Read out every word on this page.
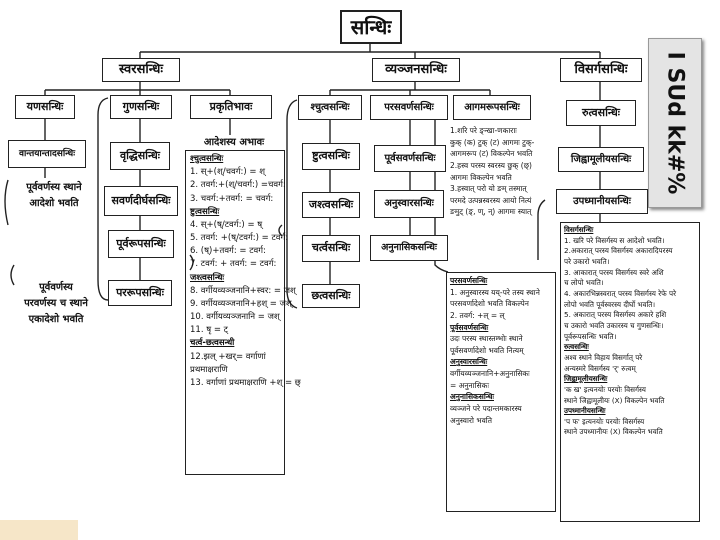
सन्धिः
स्वरसन्धिः	व्यञ्जनसन्धिः	विसर्गसन्धिः
यणसन्धिः	गुणसन्धिः	प्रकृतिभावः
वान्तयान्तादसन्धिः
पूर्ववर्णस्य स्थाने
आदेशो भवति
पूर्ववर्णस्य
परवर्णस्य च स्थाने
एकादेशो भवति
वृद्धिसन्धिः
सवर्णदीर्घसन्धिः
पूर्वरूपसन्धिः
पररूपसन्धिः
आदेशस्य अभावः
श्चुत्वसन्धिः
1. स्+(श्/चवर्ग:) = श्
2. तवर्ग:+(श्/चवर्ग:) =चवर्ग:
3. चवर्ग:+तवर्ग: = चवर्ग:
ष्टुत्वसन्धिः
4. स्+(ष्/टवर्ग:) = ष्
5. तवर्ग: +(ष्/टवर्ग:) = टवर्ग:
6. (ष्)+तवर्ग: = टवर्ग:
7. टवर्ग: + तवर्ग: = टवर्ग:
जश्त्वसन्धिः
8. वर्गीयव्यञ्जनानि+स्वर: = जश्
9. वर्गीयव्यञ्जनानि+हश् = जश्
10. वर्गीयव्यञ्जनानि = जश्
11. षृ = ट्
चर्त्व-छत्वसन्धी
12.झल् +खर्= वर्गाणां
प्रथमाक्षराणि
13. वर्गाणां प्रथमाक्षराणि +श् = छ्
श्चुत्वसन्धिः	परसवर्णसन्धिः	आगमरूपसन्धिः
ष्टुत्वसन्धिः
जश्त्वसन्धिः
चर्त्वसन्धिः
छत्वसन्धिः
पूर्वसवर्णसन्धिः
अनुस्वारसन्धिः
अनुनासिकसन्धिः
1.शरि परे ङ्न्खा-णकाराः
कुक् (क) टुक् (ट) आगमः टुक्-
आगमरूप (ट) विकल्पेन भवति
2.हस्व परस्य स्वरस्य छुक् (छ्)
आगमः विकल्पेन भवति
3.हस्वात् परो यो ङम् तस्मात्
परमदे उत्पन्नस्वरस्य आयो नित्यं
ङमुट् (ङ्, ण्, न्) आगमः स्यात्
परसवर्णसन्धिः
1. अनुस्वारस्य यय्-परे तस्य स्थाने
परसवर्णादेशो भवति विकल्पेन
2. तवर्ग: +ल् = ल्
पूर्वसवर्णसन्धिः
उदः परस्य स्थास्तम्भोः स्थाने
पूर्वसवर्णादेशो भवति नित्यम्
अनुस्वारसन्धिः
वर्गीयव्यञ्जनानि+अनुनासिकः
= अनुनासिकः
अनुनासिकसन्धिः
व्यञ्जने परे पदान्तमकारस्य
अनुस्वारो भवति
रुत्वसन्धिः
जिह्वामूलीयसन्धिः
उपध्मानीयसन्धिः
विसर्गसन्धिः
1. खरि परे विसर्गस्य स आदेशो भवति।
2.अकारात् परस्य विसर्गस्य अकारादिपरस्य
परे उकारो भवति।
3. आकारात् परस्य विसर्गस्य स्वरे अशि
च लोपो भवति।
4. अकारभिन्नस्वरात् परस्य विसर्गस्य रेफे परे
लोपो भवति पूर्वस्वरस्य दीर्घो भवति।
5. अकारात् परस्य विसर्गस्य अकारे हशि
च उकारो भवति उकारस्य च गुणसन्धिः।
पूर्वरूपसन्धिः भवति।
रुत्वसन्धिः
अश्व स्थाने विहाय विसर्गात् परे
अन्यस्मरे विसर्गस्य 'र्' रुत्वम्
जिह्वामूलीयसन्धिः
'क ख' इत्यनयोः परयोः विसर्गस्य
स्थाने जिह्वामूलीयः (ꓫ) विकल्पेन भवति
उपध्मानीयसन्धिः
'प फ' इत्यनयोः परयोः विसर्गस्य
स्थाने उपध्मानीयः (ꓫ) विकल्पेन भवति
I SUd kk#%
